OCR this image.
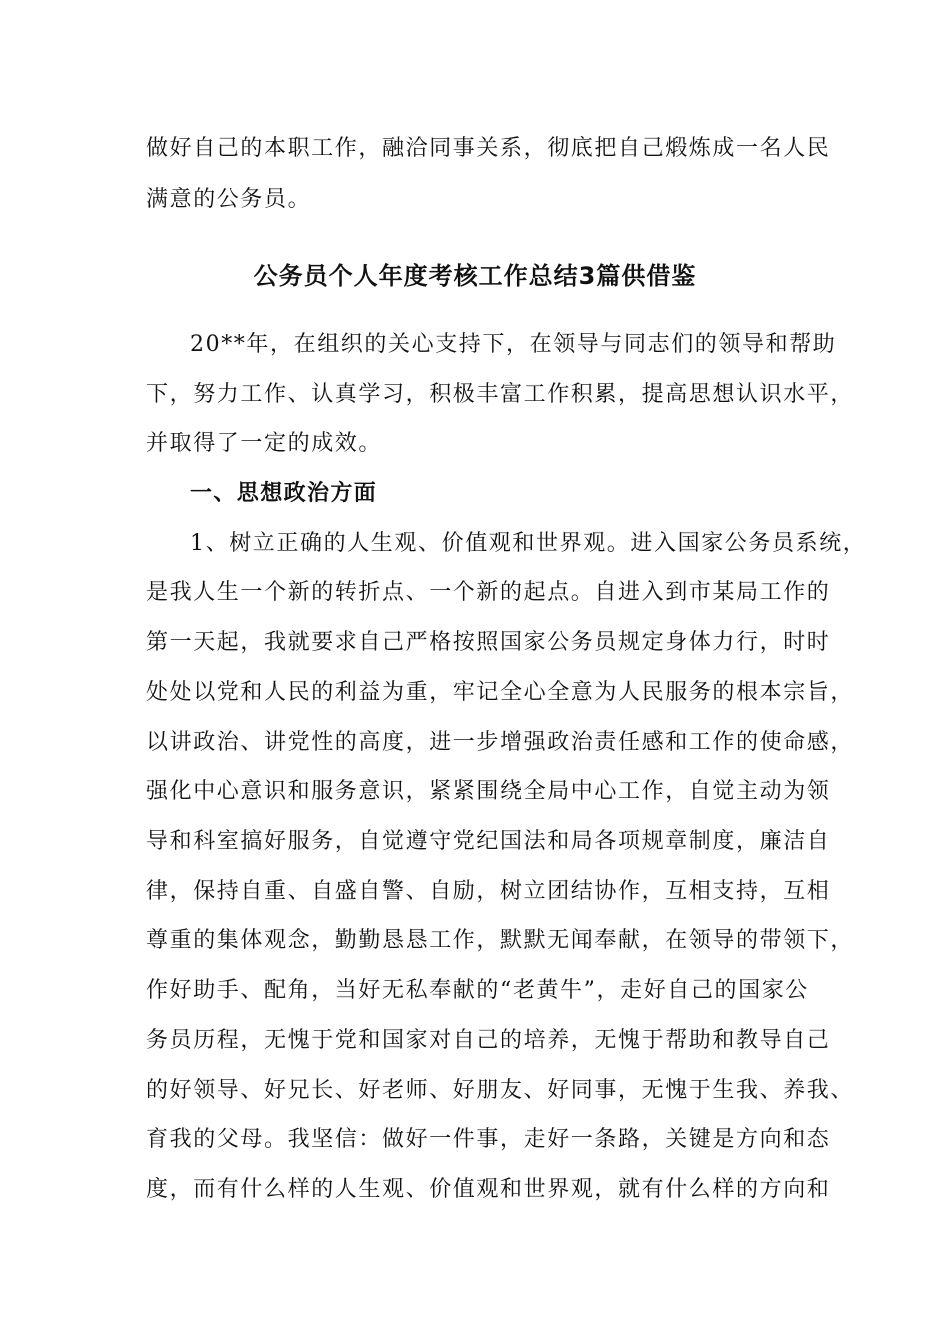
做好自己的本职工作，融洽同事关系，彻底把自己煅炼成一名人民
满意的公务员。
公务员个人年度考核工作总结3篇供借鉴
20**年，在组织的关心支持下，在领导与同志们的领导和帮助
下，努力工作、认真学习，积极丰富工作积累，提高思想认识水平，
并取得了一定的成效。
一、思想政治方面
1、树立正确的人生观、价值观和世界观。进入国家公务员系统，
是我人生一个新的转折点、一个新的起点。自进入到市某局工作的
第一天起，我就要求自己严格按照国家公务员规定身体力行，时时
处处以党和人民的利益为重，牢记全心全意为人民服务的根本宗旨，
以讲政治、讲党性的高度，进一步增强政治责任感和工作的使命感，
强化中心意识和服务意识，紧紧围绕全局中心工作，自觉主动为领
导和科室搞好服务，自觉遵守党纪国法和局各项规章制度，廉洁自
律，保持自重、自盛自警、自励，树立团结协作，互相支持，互相
尊重的集体观念，勤勤恳恳工作，默默无闻奉献，在领导的带领下，
作好助手、配角，当好无私奉献的“老黄牛”，走好自己的国家公
务员历程，无愧于党和国家对自己的培养，无愧于帮助和教导自己
的好领导、好兄长、好老师、好朋友、好同事，无愧于生我、养我、
育我的父母。我坚信：做好一件事，走好一条路，关键是方向和态
度，而有什么样的人生观、价值观和世界观，就有什么样的方向和
